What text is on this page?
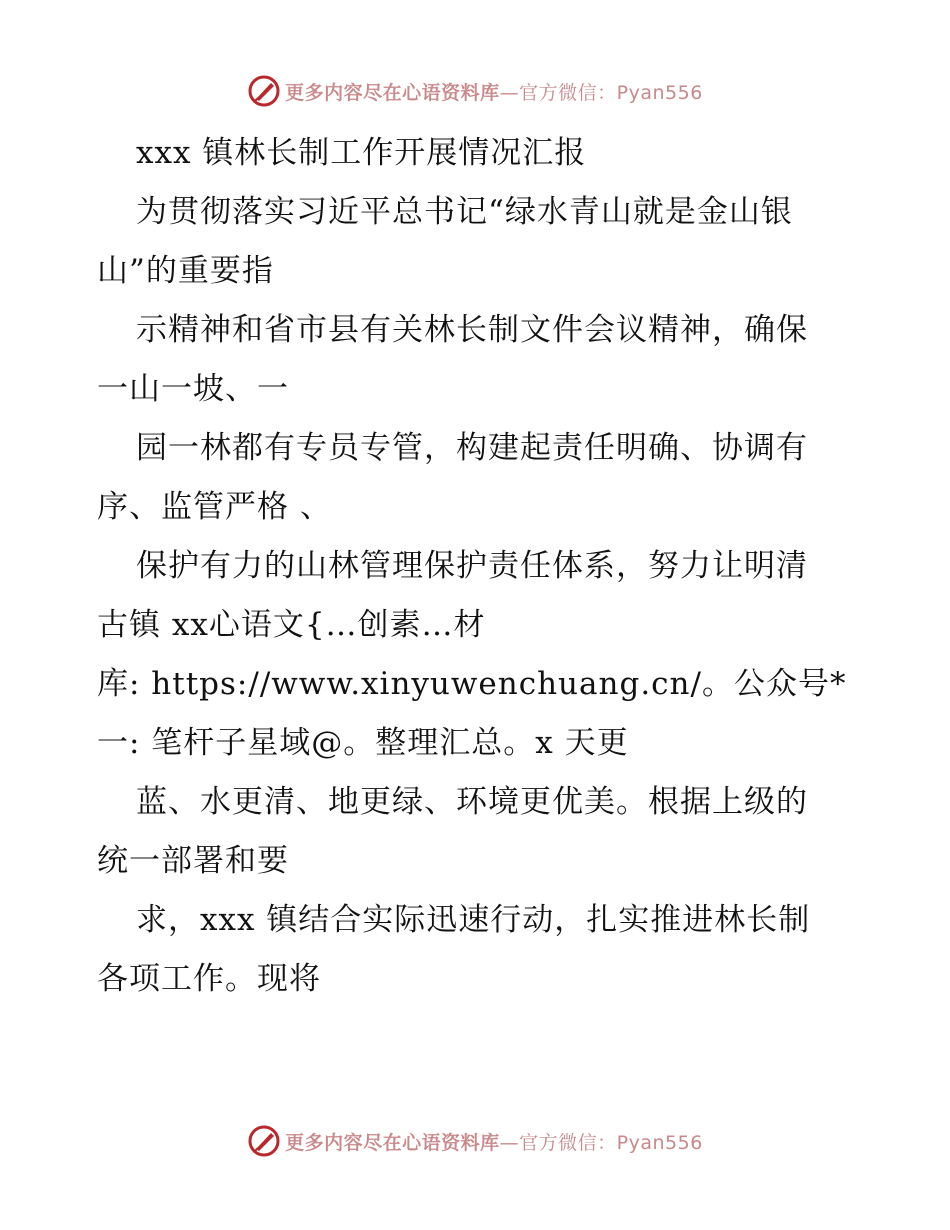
更多内容尽在心语资料库—官方微信：Pyan556
xxx 镇林长制工作开展情况汇报
为贯彻落实习近平总书记“绿水青山就是金山银
山”的重要指
示精神和省市县有关林长制文件会议精神，确保
一山一坡、一
园一林都有专员专管，构建起责任明确、协调有
序、监管严格 、
保护有力的山林管理保护责任体系，努力让明清
古镇 xx心语文{…创素…材
库: https://www.xinyuwenchuang.cn/。公众号*
一: 笔杆子星域@。整理汇总。x 天更
蓝、水更清、地更绿、环境更优美。根据上级的
统一部署和要
求，xxx 镇结合实际迅速行动，扎实推进林长制
各项工作。现将
更多内容尽在心语资料库—官方微信：Pyan556
